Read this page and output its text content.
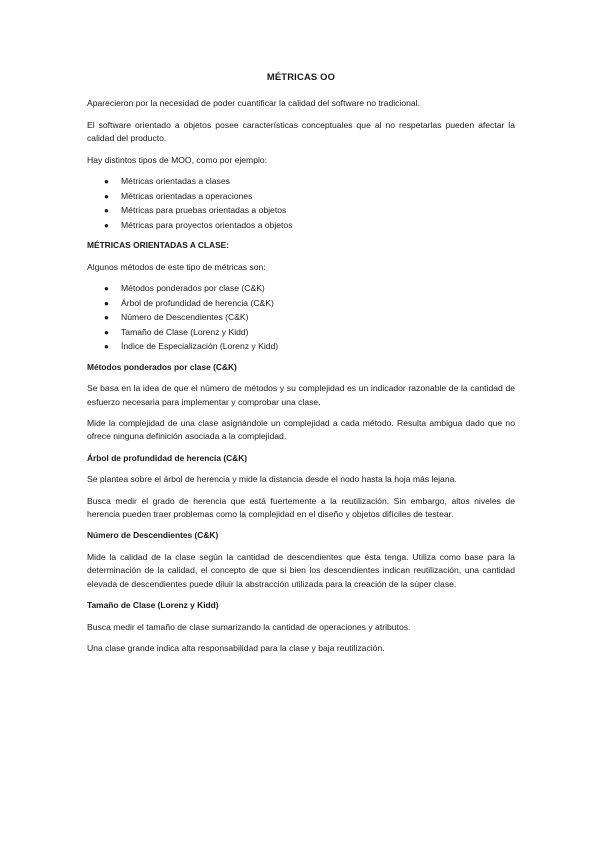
MÉTRICAS OO

Aparecieron por la necesidad de poder cuantificar la calidad del software no tradicional.

El software orientado a objetos posee características conceptuales que al no respetarlas pueden afectar la calidad del producto.

Hay distintos tipos de MOO, como por ejemplo:

● Métricas orientadas a clases
● Métricas orientadas a operaciones
● Métricas para pruebas orientadas a objetos
● Métricas para proyectos orientados a objetos
MÉTRICAS ORIENTADAS A CLASE:

Algunos métodos de este tipo de métricas son:

● Métodos ponderados por clase (C&K)
● Árbol de profundidad de herencia (C&K)
● Número de Descendientes (C&K)
● Tamaño de Clase (Lorenz y Kidd)
● Índice de Especialización (Lorenz y Kidd)
Métodos ponderados por clase (C&K)

Se basa en la idea de que el número de métodos y su complejidad es un indicador razonable de la cantidad de esfuerzo necesaria para implementar y comprobar una clase.

Mide la complejidad de una clase asignándole un complejidad a cada método. Resulta ambigua dado que no ofrece ninguna definición asociada a la complejidad.

Árbol de profundidad de herencia (C&K)

Se plantea sobre el árbol de herencia y mide la distancia desde el nodo hasta la hoja más lejana.

Busca medir el grado de herencia que está fuertemente a la reutilización. Sin embargo, altos niveles de herencia pueden traer problemas como la complejidad en el diseño y objetos difíciles de testear.

Número de Descendientes (C&K)

Mide la calidad de la clase según la cantidad de descendientes que ésta tenga. Utiliza como base para la determinación de la calidad, el concepto de que si bien los descendientes indican reutilización, una cantidad elevada de descendientes puede diluir la abstracción utilizada para la creación de la súper clase.

Tamaño de Clase (Lorenz y Kidd)

Busca medir el tamaño de clase sumarizando la cantidad de operaciones y atributos.

Una clase grande indica alta responsabilidad para la clase y baja reutilización.
